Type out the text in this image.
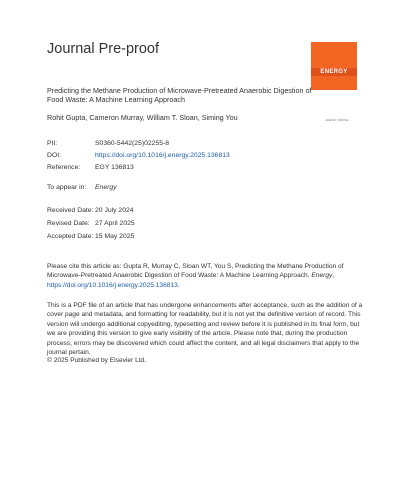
Journal Pre-proof
ENERGY
ENERGY JOURNAL
Predicting the Methane Production of Microwave-Pretreated Anaerobic Digestion of Food Waste: A Machine Learning Approach
Rohit Gupta, Cameron Murray, William T. Sloan, Siming You
PII:	S0360-5442(25)02255-8
DOI:	https://doi.org/10.1016/j.energy.2025.136813
Reference: EGY 136813
To appear in: Energy
Received Date: 20 July 2024
Revised Date: 27 April 2025
Accepted Date: 15 May 2025
Please cite this article as: Gupta R, Murray C, Sloan WT, You S, Predicting the Methane Production of Microwave-Pretreated Anaerobic Digestion of Food Waste: A Machine Learning Approach, Energy, https://doi.org/10.1016/j.energy.2025.136813.
This is a PDF file of an article that has undergone enhancements after acceptance, such as the addition of a cover page and metadata, and formatting for readability, but it is not yet the definitive version of record. This version will undergo additional copyediting, typesetting and review before it is published in its final form, but we are providing this version to give early visibility of the article. Please note that, during the production process, errors may be discovered which could affect the content, and all legal disclaimers that apply to the journal pertain.
© 2025 Published by Elsevier Ltd.
